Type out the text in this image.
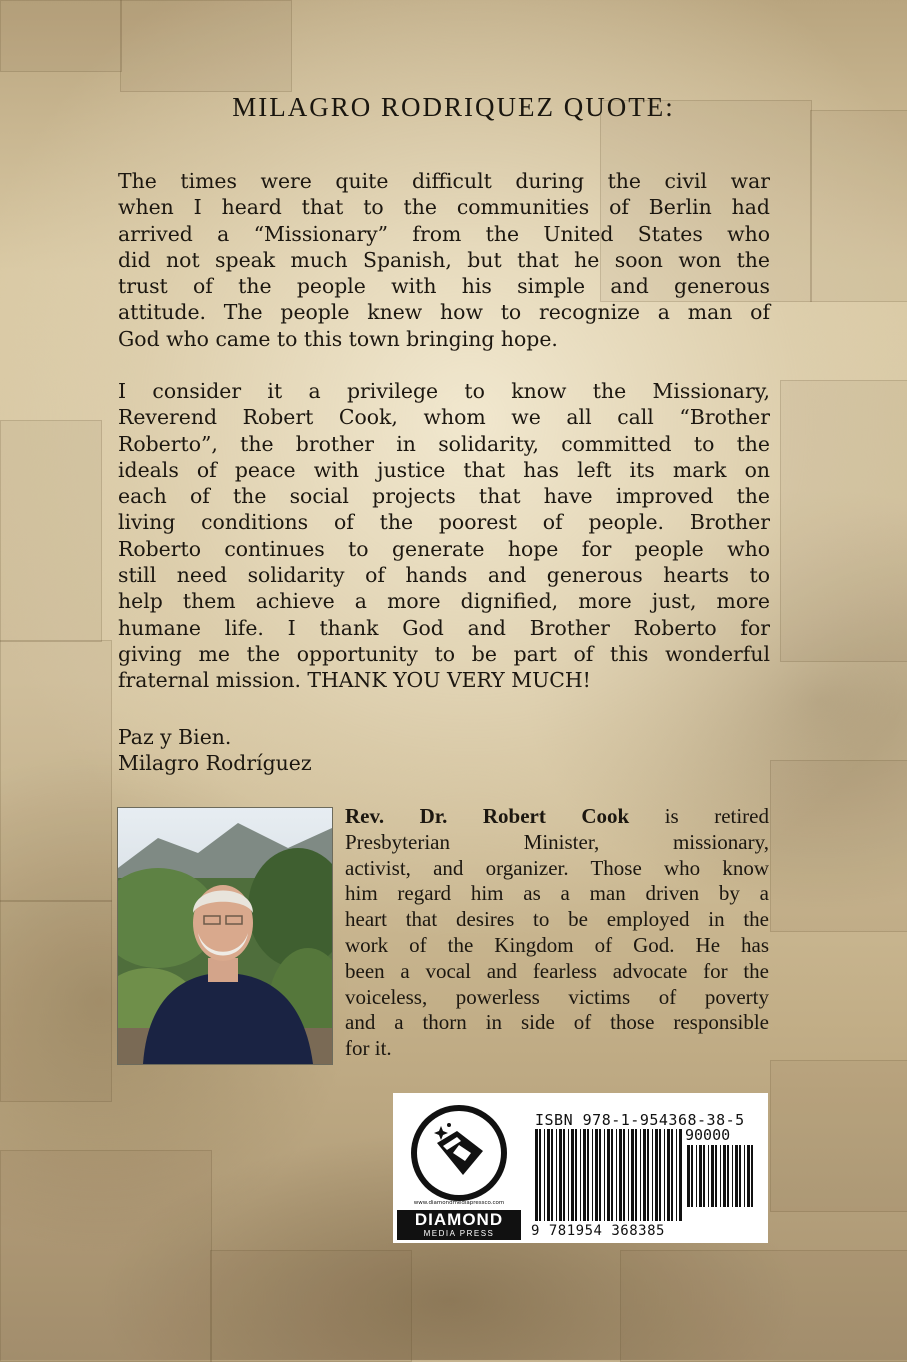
MILAGRO RODRIQUEZ QUOTE:

The times were quite difficult during the civil war
when I heard that to the communities of Berlin had
arrived a “Missionary” from the United States who
did not speak much Spanish, but that he soon won the
trust of the people with his simple and generous
attitude. The people knew how to recognize a man of
God who came to this town bringing hope.

I consider it a privilege to know the Missionary,
Reverend Robert Cook, whom we all call “Brother
Roberto”, the brother in solidarity, committed to the
ideals of peace with justice that has left its mark on
each of the social projects that have improved the
living conditions of the poorest of people. Brother
Roberto continues to generate hope for people who
still need solidarity of hands and generous hearts to
help them achieve a more dignified, more just, more
humane life. I thank God and Brother Roberto for
giving me the opportunity to be part of this wonderful
fraternal mission. THANK YOU VERY MUCH!

Paz y Bien.
Milagro Rodríguez

Rev. Dr. Robert Cook is retired
Presbyterian Minister, missionary,
activist, and organizer. Those who know
him regard him as a man driven by a
heart that desires to be employed in the
work of the Kingdom of God. He has
been a vocal and fearless advocate for the
voiceless, powerless victims of poverty
and a thorn in side of those responsible
for it.

www.diamondmediapressco.com
DIAMOND
MEDIA PRESS
ISBN 978-1-954368-38-5
90000
9 781954 368385
